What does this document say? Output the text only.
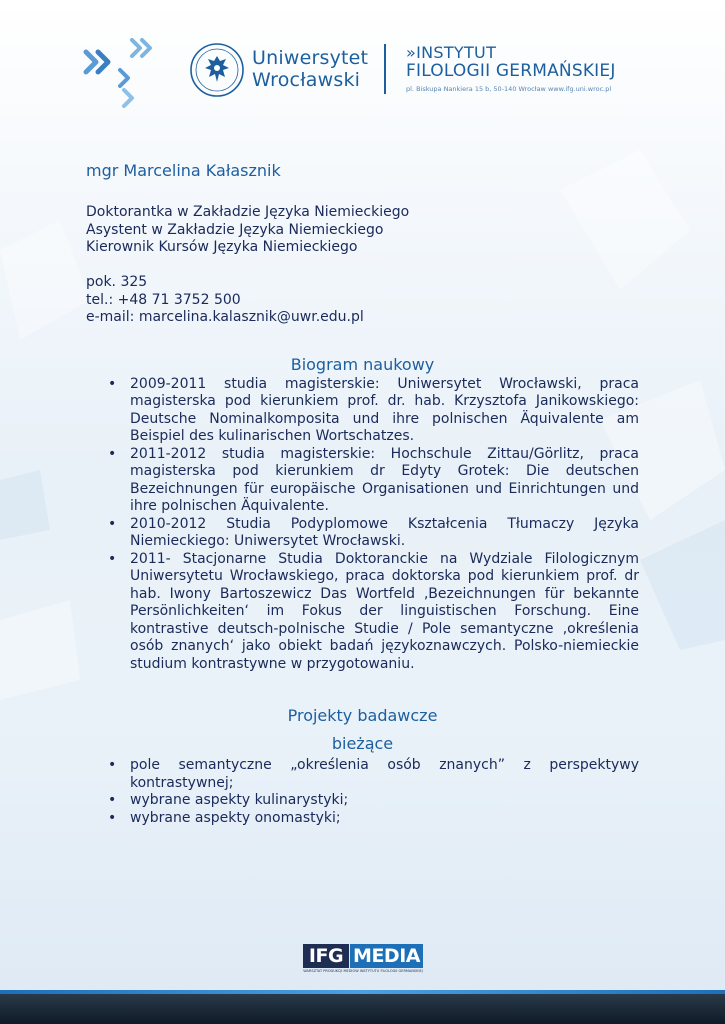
Uniwersytet
Wrocławski
»INSTYTUT
FILOLOGII GERMAŃSKIEJ
pl. Biskupa Nankiera 15 b, 50-140 Wrocław www.ifg.uni.wroc.pl
mgr Marcelina Kałasznik
Doktorantka w Zakładzie Języka Niemieckiego
Asystent w Zakładzie Języka Niemieckiego
Kierownik Kursów Języka Niemieckiego
pok. 325
tel.: +48 71 3752 500
e-mail: marcelina.kalasznik@uwr.edu.pl
Biogram naukowy
• 2009-2011 studia magisterskie: Uniwersytet Wrocławski, praca magisterska pod kierunkiem prof. dr. hab. Krzysztofa Janikowskiego: Deutsche Nominalkomposita und ihre polnischen Äquivalente am Beispiel des kulinarischen Wortschatzes.
• 2011-2012 studia magisterskie: Hochschule Zittau/Görlitz, praca magisterska pod kierunkiem dr Edyty Grotek: Die deutschen Bezeichnungen für europäische Organisationen und Einrichtungen und ihre polnischen Äquivalente.
• 2010-2012 Studia Podyplomowe Kształcenia Tłumaczy Języka Niemieckiego: Uniwersytet Wrocławski.
• 2011- Stacjonarne Studia Doktoranckie na Wydziale Filologicznym Uniwersytetu Wrocławskiego, praca doktorska pod kierunkiem prof. dr hab. Iwony Bartoszewicz Das Wortfeld ‚Bezeichnungen für bekannte Persönlichkeiten‘ im Fokus der linguistischen Forschung. Eine kontrastive deutsch-polnische Studie / Pole semantyczne ‚określenia osób znanych‘ jako obiekt badań językoznawczych. Polsko-niemieckie studium kontrastywne w przygotowaniu.
Projekty badawcze
bieżące
• pole semantyczne „określenia osób znanych” z perspektywy kontrastywnej;
• wybrane aspekty kulinarystyki;
• wybrane aspekty onomastyki;
IFG MEDIA
WARSZTAT PRODUKCJI MEDIÓW INSTYTUTU FILOLOGII GERMAŃSKIEJ
